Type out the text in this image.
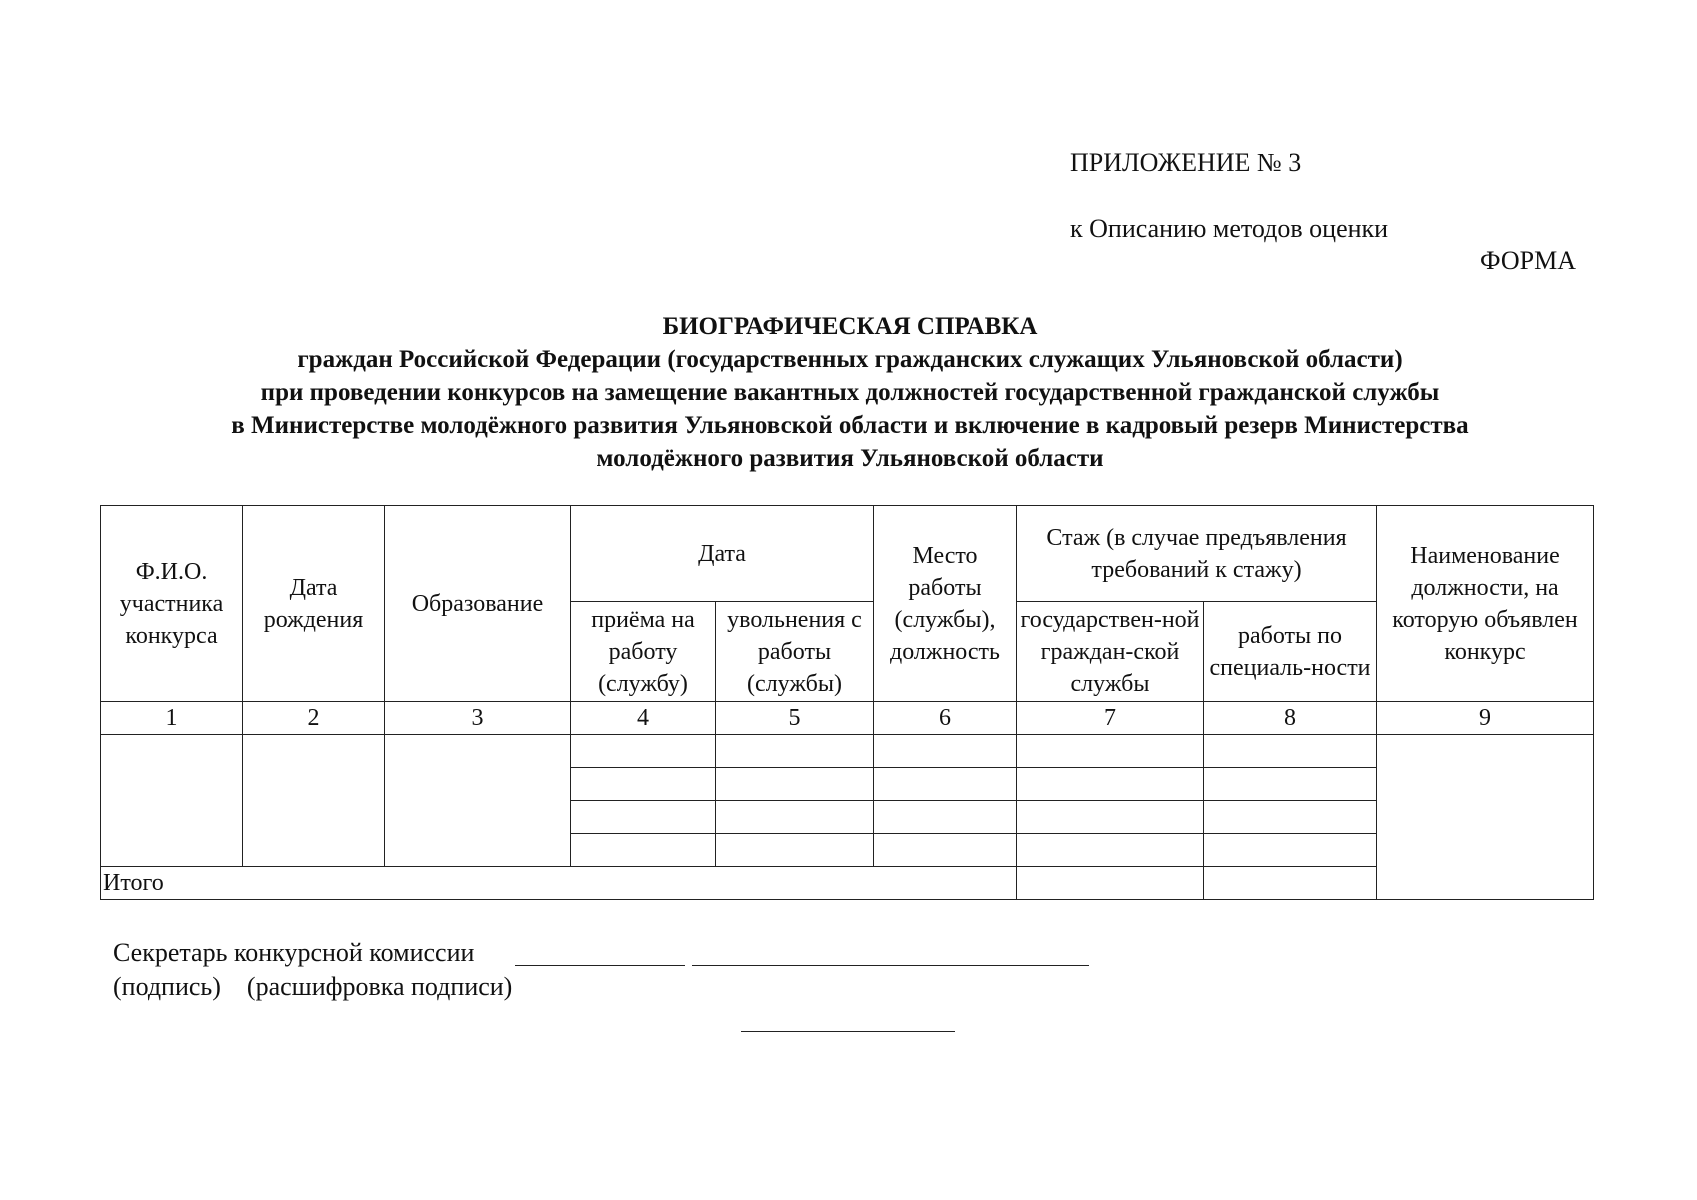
ПРИЛОЖЕНИЕ № 3
к Описанию методов оценки
ФОРМА
БИОГРАФИЧЕСКАЯ СПРАВКА
граждан Российской Федерации (государственных гражданских служащих Ульяновской области)
при проведении конкурсов на замещение вакантных должностей государственной гражданской службы
в Министерстве молодёжного развития Ульяновской области и включение в кадровый резерв Министерства
молодёжного развития Ульяновской области
Ф.И.О. участника конкурса	Дата рождения	Образование	Дата		Место работы (службы), должность	Стаж (в случае предъявления требований к стажу)		Наименование должности, на которую объявлен конкурс
			приёма на работу (службу)	увольнения с работы (службы)		государствен-ной граждан-ской службы	работы по специаль-ности	
1	2	3	4	5	6	7	8	9

Итого								
Секретарь конкурсной комиссии
(подпись)    (расшифровка подписи)
